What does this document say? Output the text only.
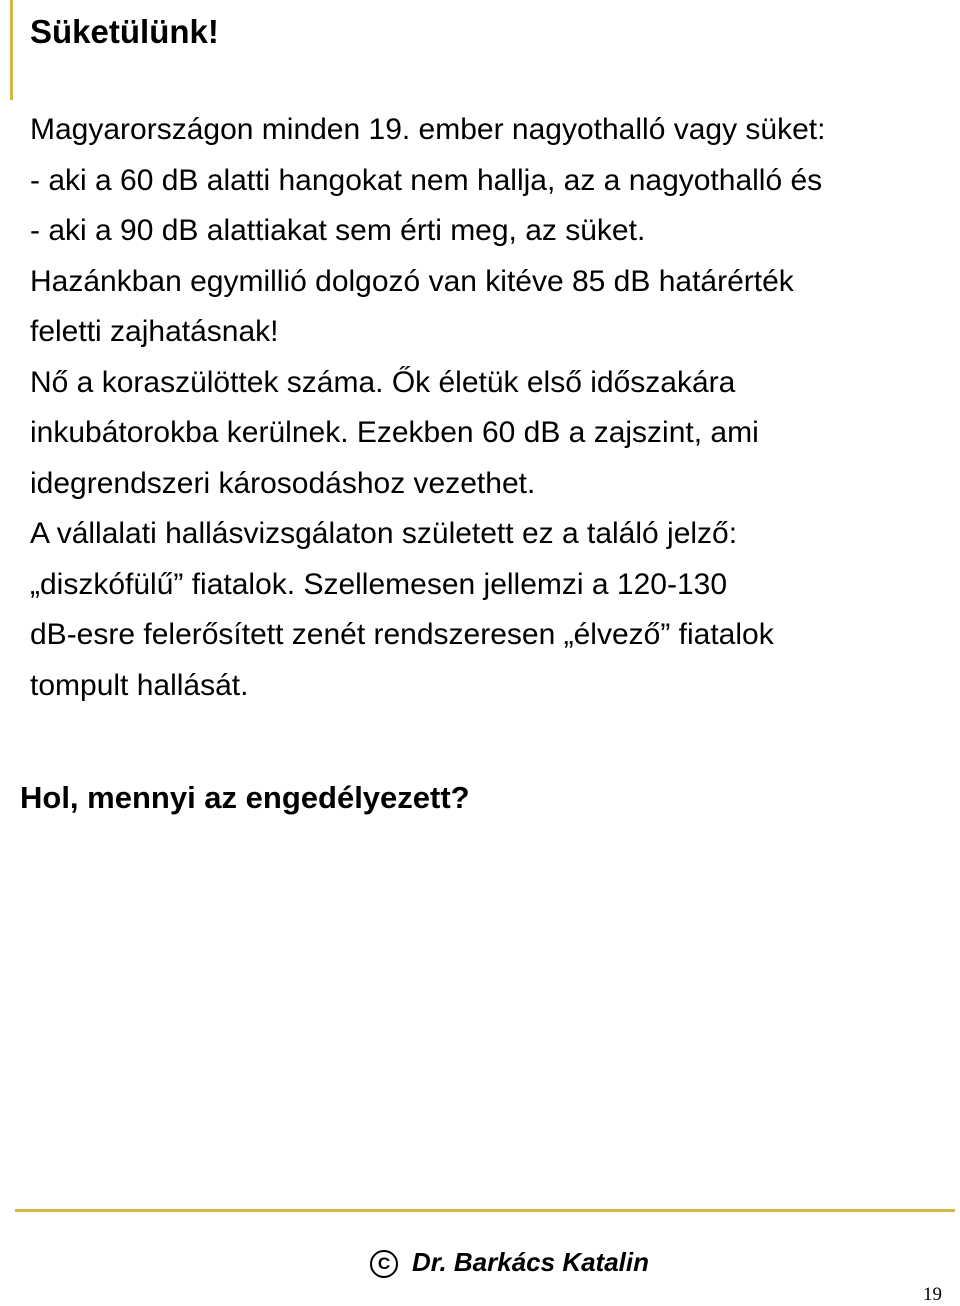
Süketülünk!
Magyarországon minden 19. ember nagyothalló vagy süket:
- aki a 60 dB alatti hangokat nem hallja, az a nagyothalló és
- aki a 90 dB alattiakat sem érti meg, az süket.
Hazánkban egymillió dolgozó van kitéve 85 dB határérték
feletti zajhatásnak!
Nő a koraszülöttek száma. Ők életük első időszakára
inkubátorokba kerülnek. Ezekben 60 dB a zajszint, ami
idegrendszeri károsodáshoz vezethet.
A vállalati hallásvizsgálaton született ez a találó jelző:
„diszkófülű” fiatalok. Szellemesen jellemzi a 120-130
dB-esre felerősített zenét rendszeresen „élvező” fiatalok
tompult hallását.
Hol, mennyi az engedélyezett?
C Dr. Barkács Katalin
19
